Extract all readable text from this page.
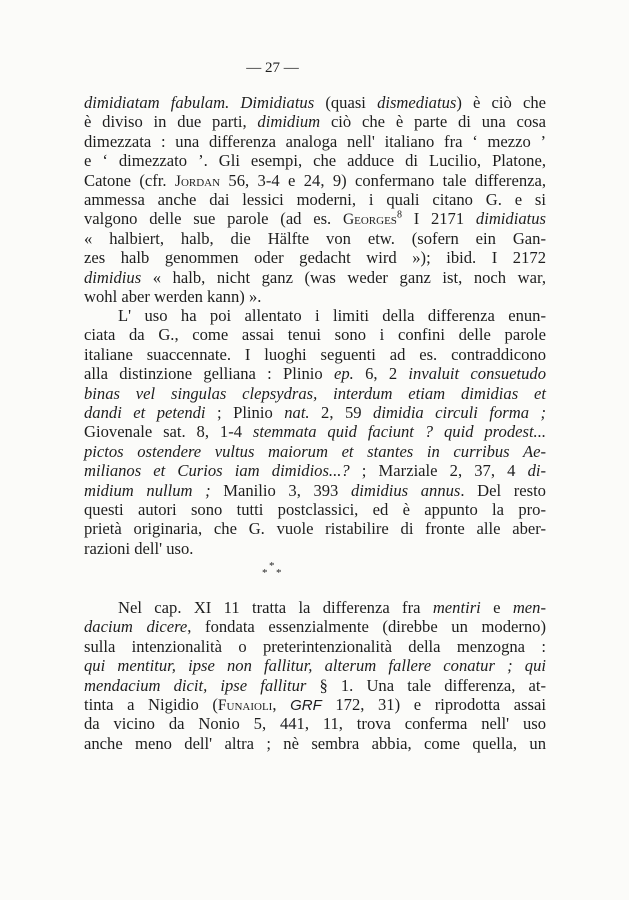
— 27 —
dimidiatam fabulam. Dimidiatus (quasi dismediatus) è ciò che
è diviso in due parti, dimidium ciò che è parte di una cosa
dimezzata : una differenza analoga nell' italiano fra ‘ mezzo ’
e ‘ dimezzato ’. Gli esempi, che adduce di Lucilio, Platone,
Catone (cfr. Jordan 56, 3-4 e 24, 9) confermano tale differenza,
ammessa anche dai lessici moderni, i quali citano G. e si
valgono delle sue parole (ad es. Georges$^8$ I 2171 dimidiatus
« halbiert, halb, die Hälfte von etw. (sofern ein Gan-
zes halb genommen oder gedacht wird »); ibid. I 2172
dimidius « halb, nicht ganz (was weder ganz ist, noch war,
wohl aber werden kann) ».
L' uso ha poi allentato i limiti della differenza enun-
ciata da G., come assai tenui sono i confini delle parole
italiane suaccennate. I luoghi seguenti ad es. contraddicono
alla distinzione gelliana : Plinio ep. 6, 2 invaluit consuetudo
binas vel singulas clepsydras, interdum etiam dimidias et
dandi et petendi ; Plinio nat. 2, 59 dimidia circuli forma ;
Giovenale sat. 8, 1-4 stemmata quid faciunt ? quid prodest...
pictos ostendere vultus maiorum et stantes in curribus Ae-
milianos et Curios iam dimidios...? ; Marziale 2, 37, 4 di-
midium nullum ; Manilio 3, 393 dimidius annus. Del resto
questi autori sono tutti postclassici, ed è appunto la pro-
prietà originaria, che G. vuole ristabilire di fronte alle aber-
razioni dell' uso.
*
* *
Nel cap. XI 11 tratta la differenza fra mentiri e men-
dacium dicere, fondata essenzialmente (direbbe un moderno)
sulla intenzionalità o preterintenzionalità della menzogna :
qui mentitur, ipse non fallitur, alterum fallere conatur ; qui
mendacium dicit, ipse fallitur § 1. Una tale differenza, at-
tinta a Nigidio (Funaioli, GRF 172, 31) e riprodotta assai
da vicino da Nonio 5, 441, 11, trova conferma nell' uso
anche meno dell' altra ; nè sembra abbia, come quella, un
